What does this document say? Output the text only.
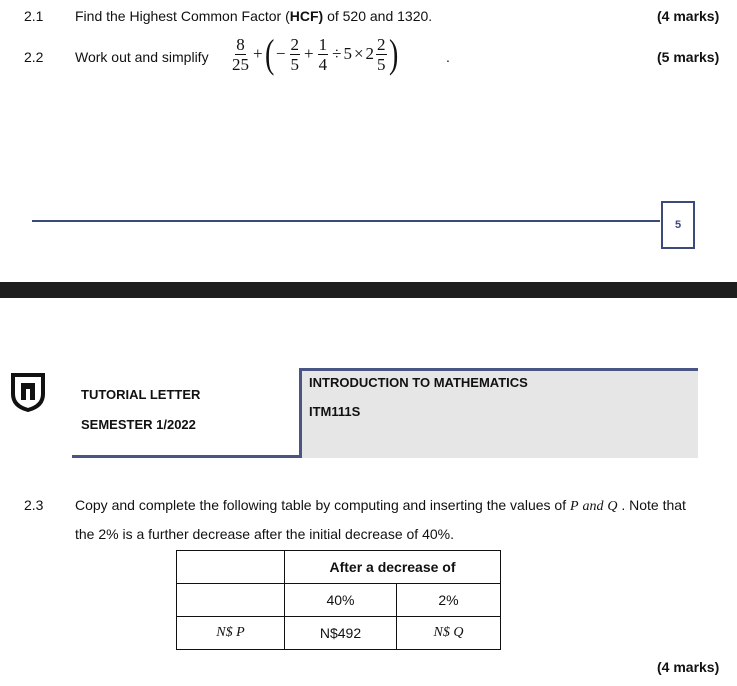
2.1 Find the Highest Common Factor (HCF) of 520 and 1320.	(4 marks)
2.2 Work out and simplify $\frac{8}{25}$ + ( − $\frac{2}{5} + \frac{1}{4} \div 5 \times 2 \frac{2}{5}$ )	.	(5 marks)
5
TUTORIAL LETTER
SEMESTER 1/2022
INTRODUCTION TO MATHEMATICS
ITM111S
2.3 Copy and complete the following table by computing and inserting the values of P and Q . Note that
the 2% is a further decrease after the initial decrease of 40%.
	After a decrease of	
	40%	2%
N$ P	N$492	N$ Q
(4 marks)
